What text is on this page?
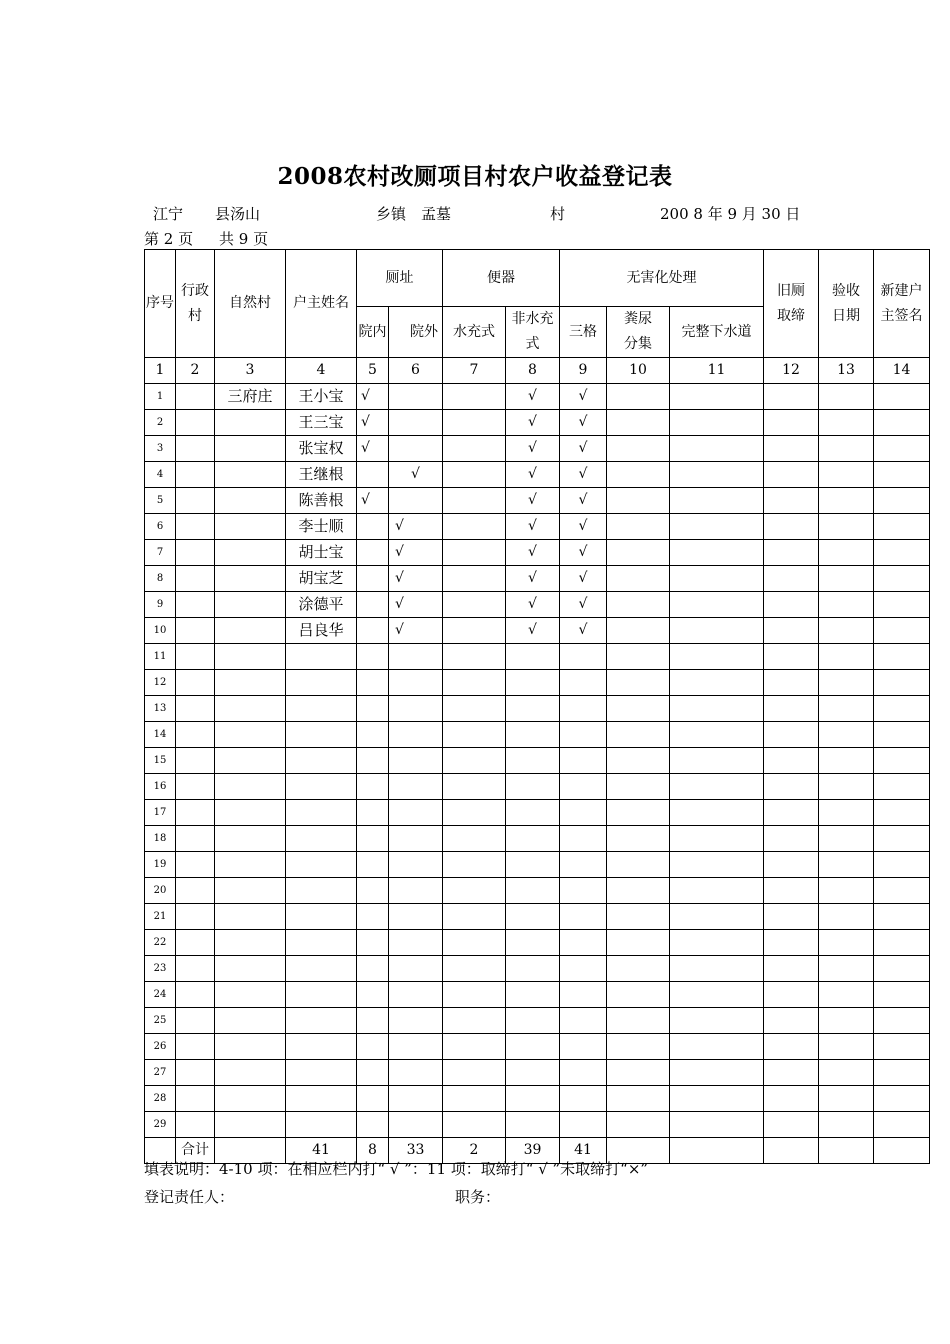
2008农村改厕项目村农户收益登记表
江宁 县汤山	乡镇 孟墓	村	200 8 年 9 月 30 日
第 2 页 共 9 页
序号	行政村	自然村	户主姓名	厕址		便器		无害化处理			旧厕取缔	验收日期	新建户主签名
				院内	院外	水充式	非水充式	三格	粪尿分集	完整下水道			
1	2	3	4	5	6	7	8	9	10	11	12	13	14
1		三府庄	王小宝	√			√	√					
2			王三宝	√			√	√					
3			张宝权	√			√	√					
4			王继根		√		√	√					
5			陈善根	√			√	√					
6			李士顺		√		√	√					
7			胡士宝		√		√	√					
8			胡宝芝		√		√	√					
9			涂德平		√		√	√					
10			吕良华		√		√	√					
11													
12													
13													
14													
15													
16													
17													
18													
19													
20													
21													
22													
23													
24													
25													
26													
27													
28													
29													
	合计		41	8	33	2	39	41					
填表说明：4-10 项：在相应栏内打“ √ ”：11 项：取缔打“ √ ”未取缔打“×”
登记责任人：	职务：
